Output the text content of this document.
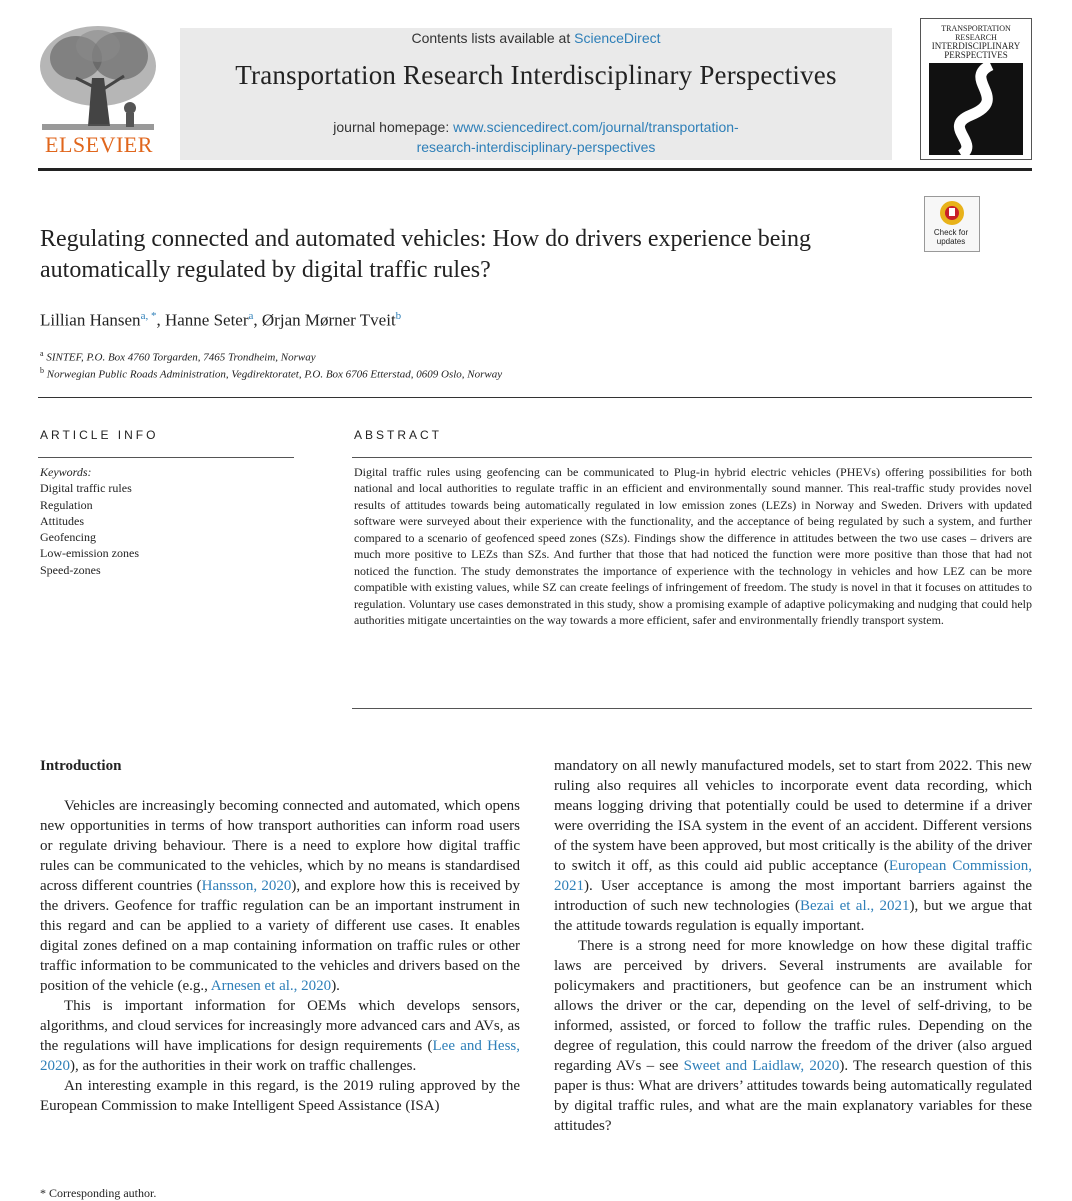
ELSEVIER
Contents lists available at ScienceDirect
Transportation Research Interdisciplinary Perspectives
journal homepage: www.sciencedirect.com/journal/transportation-
research-interdisciplinary-perspectives
TRANSPORTATION
RESEARCH
INTERDISCIPLINARY
PERSPECTIVES
Check for
updates
Regulating connected and automated vehicles: How do drivers experience being automatically regulated by digital traffic rules?
Lillian Hansen$^{a, *}$, Hanne Seter$^a$, Ørjan Mørner Tveit$^b$
$^a$ SINTEF, P.O. Box 4760 Torgarden, 7465 Trondheim, Norway
$^b$ Norwegian Public Roads Administration, Vegdirektoratet, P.O. Box 6706 Etterstad, 0609 Oslo, Norway
ARTICLE INFO	ABSTRACT
Keywords:
Digital traffic rules
Regulation
Attitudes
Geofencing
Low-emission zones
Speed-zones

Digital traffic rules using geofencing can be communicated to Plug-in hybrid electric vehicles (PHEVs) offering possibilities for both national and local authorities to regulate traffic in an efficient and environmentally sound manner. This real-traffic study provides novel results of attitudes towards being automatically regulated in low emission zones (LEZs) in Norway and Sweden. Drivers with updated software were surveyed about their experience with the functionality, and the acceptance of being regulated by such a system, and further compared to a scenario of geofenced speed zones (SZs). Findings show the difference in attitudes between the two use cases – drivers are much more positive to LEZs than SZs. And further that those that had noticed the function were more positive than those that had not noticed the function. The study demonstrates the importance of experience with the technology in vehicles and how LEZ can be more compatible with existing values, while SZ can create feelings of infringement of freedom. The study is novel in that it focuses on attitudes to regulation. Voluntary use cases demonstrated in this study, show a promising example of adaptive policymaking and nudging that could help authorities mitigate uncertainties on the way towards a more efficient, safer and environmentally friendly transport system.

Introduction

Vehicles are increasingly becoming connected and automated, which opens new opportunities in terms of how transport authorities can inform road users or regulate driving behaviour. There is a need to explore how digital traffic rules can be communicated to the vehicles, which by no means is standardised across different countries (Hansson, 2020), and explore how this is received by the drivers. Geofence for traffic regulation can be an important instrument in this regard and can be applied to a variety of different use cases. It enables digital zones defined on a map containing information on traffic rules or other traffic information to be communicated to the vehicles and drivers based on the position of the vehicle (e.g., Arnesen et al., 2020).

This is important information for OEMs which develops sensors, algorithms, and cloud services for increasingly more advanced cars and AVs, as the regulations will have implications for design requirements (Lee and Hess, 2020), as for the authorities in their work on traffic challenges.

An interesting example in this regard, is the 2019 ruling approved by the European Commission to make Intelligent Speed Assistance (ISA)

mandatory on all newly manufactured models, set to start from 2022. This new ruling also requires all vehicles to incorporate event data recording, which means logging driving that potentially could be used to determine if a driver were overriding the ISA system in the event of an accident. Different versions of the system have been approved, but most critically is the ability of the driver to switch it off, as this could aid public acceptance (European Commission, 2021). User acceptance is among the most important barriers against the introduction of such new technologies (Bezai et al., 2021), but we argue that the attitude towards regulation is equally important.

There is a strong need for more knowledge on how these digital traffic laws are perceived by drivers. Several instruments are available for policymakers and practitioners, but geofence can be an instrument which allows the driver or the car, depending on the level of self-driving, to be informed, assisted, or forced to follow the traffic rules. Depending on the degree of regulation, this could narrow the freedom of the driver (also argued regarding AVs – see Sweet and Laidlaw, 2020). The research question of this paper is thus: What are drivers’ attitudes towards being automatically regulated by digital traffic rules, and what are the main explanatory variables for these attitudes?

* Corresponding author.
